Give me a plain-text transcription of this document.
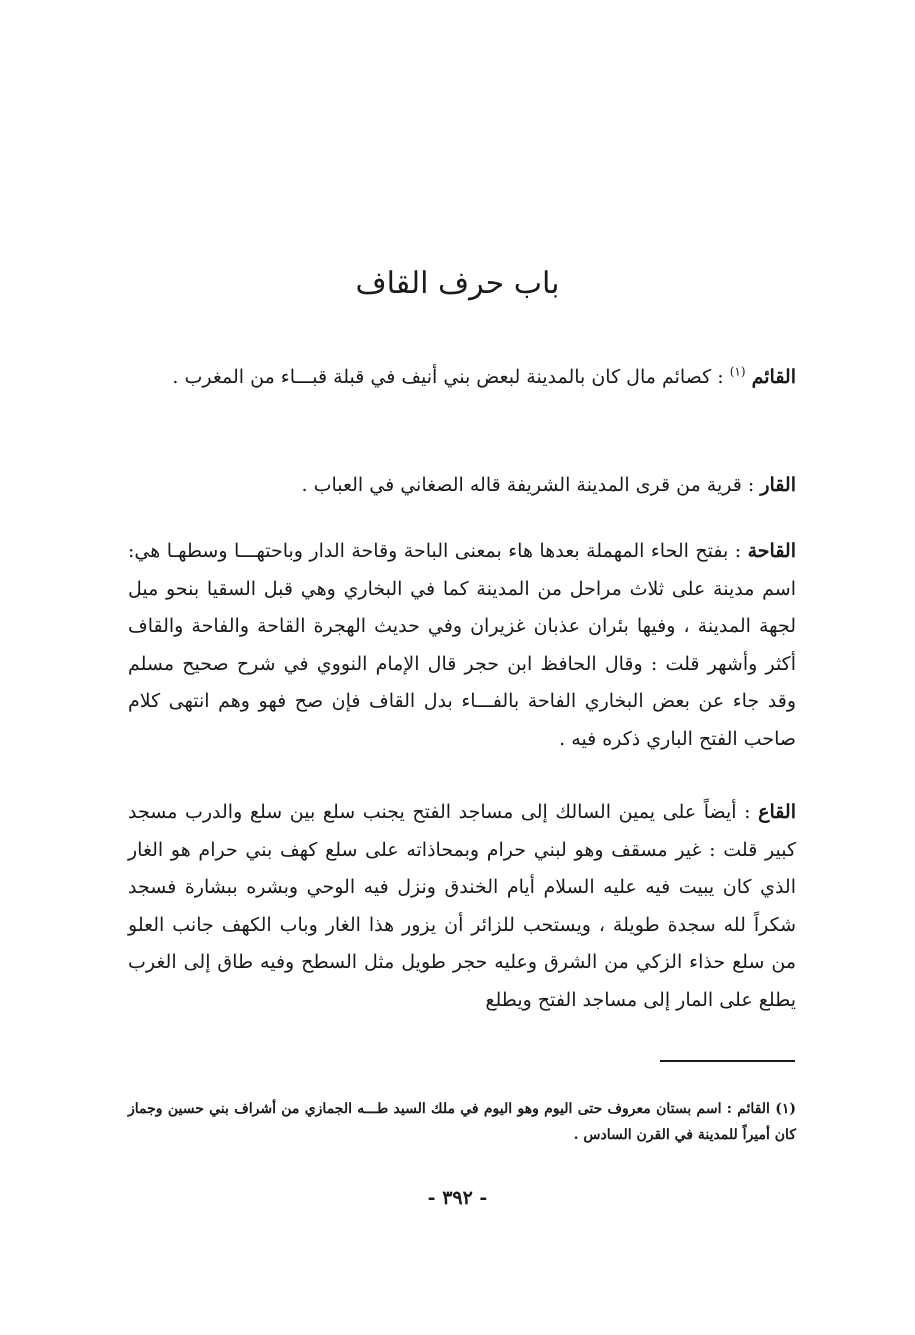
باب حرف القاف

القائم $^{(١)}$ : كصائم مال كان بالمدينة لبعض بني أنيف في قبلة قبـــاء من المغرب .

القار : قرية من قرى المدينة الشريفة قاله الصغاني في العباب .

القاحة : بفتح الحاء المهملة بعدها هاء بمعنى الباحة وقاحة الدار وباحتهـــا وسطهـا هي: اسم مدينة على ثلاث مراحل من المدينة كما في البخاري وهي قبل السقيا بنحو ميل لجهة المدينة ، وفيها بئران عذبان غزيران وفي حديث الهجرة القاحة والفاحة والقاف أكثر وأشهر قلت : وقال الحافظ ابن حجر قال الإمام النووي في شرح صحيح مسلم وقد جاء عن بعض البخاري الفاحة بالفـــاء بدل القاف فإن صح فهو وهم انتهى كلام صاحب الفتح الباري ذكره فيه .

القاع : أيضاً على يمين السالك إلى مساجد الفتح يجنب سلع بين سلع والدرب مسجد كبير قلت : غير مسقف وهو لبني حرام وبمحاذاته على سلع كهف بني حرام هو الغار الذي كان يبيت فيه عليه السلام أيام الخندق ونزل فيه الوحي وبشره ببشارة فسجد شكراً لله سجدة طويلة ، ويستحب للزائر أن يزور هذا الغار وباب الكهف جانب العلو من سلع حذاء الزكي من الشرق وعليه حجر طويل مثل السطح وفيه طاق إلى الغرب يطلع على المار إلى مساجد الفتح ويطلع

(١) القائم : اسم بستان معروف حتى اليوم وهو اليوم في ملك السيد طـــه الجمازي من أشراف بني حسين وجماز كان أميراً للمدينة في القرن السادس .

- ٣٩٢ -
